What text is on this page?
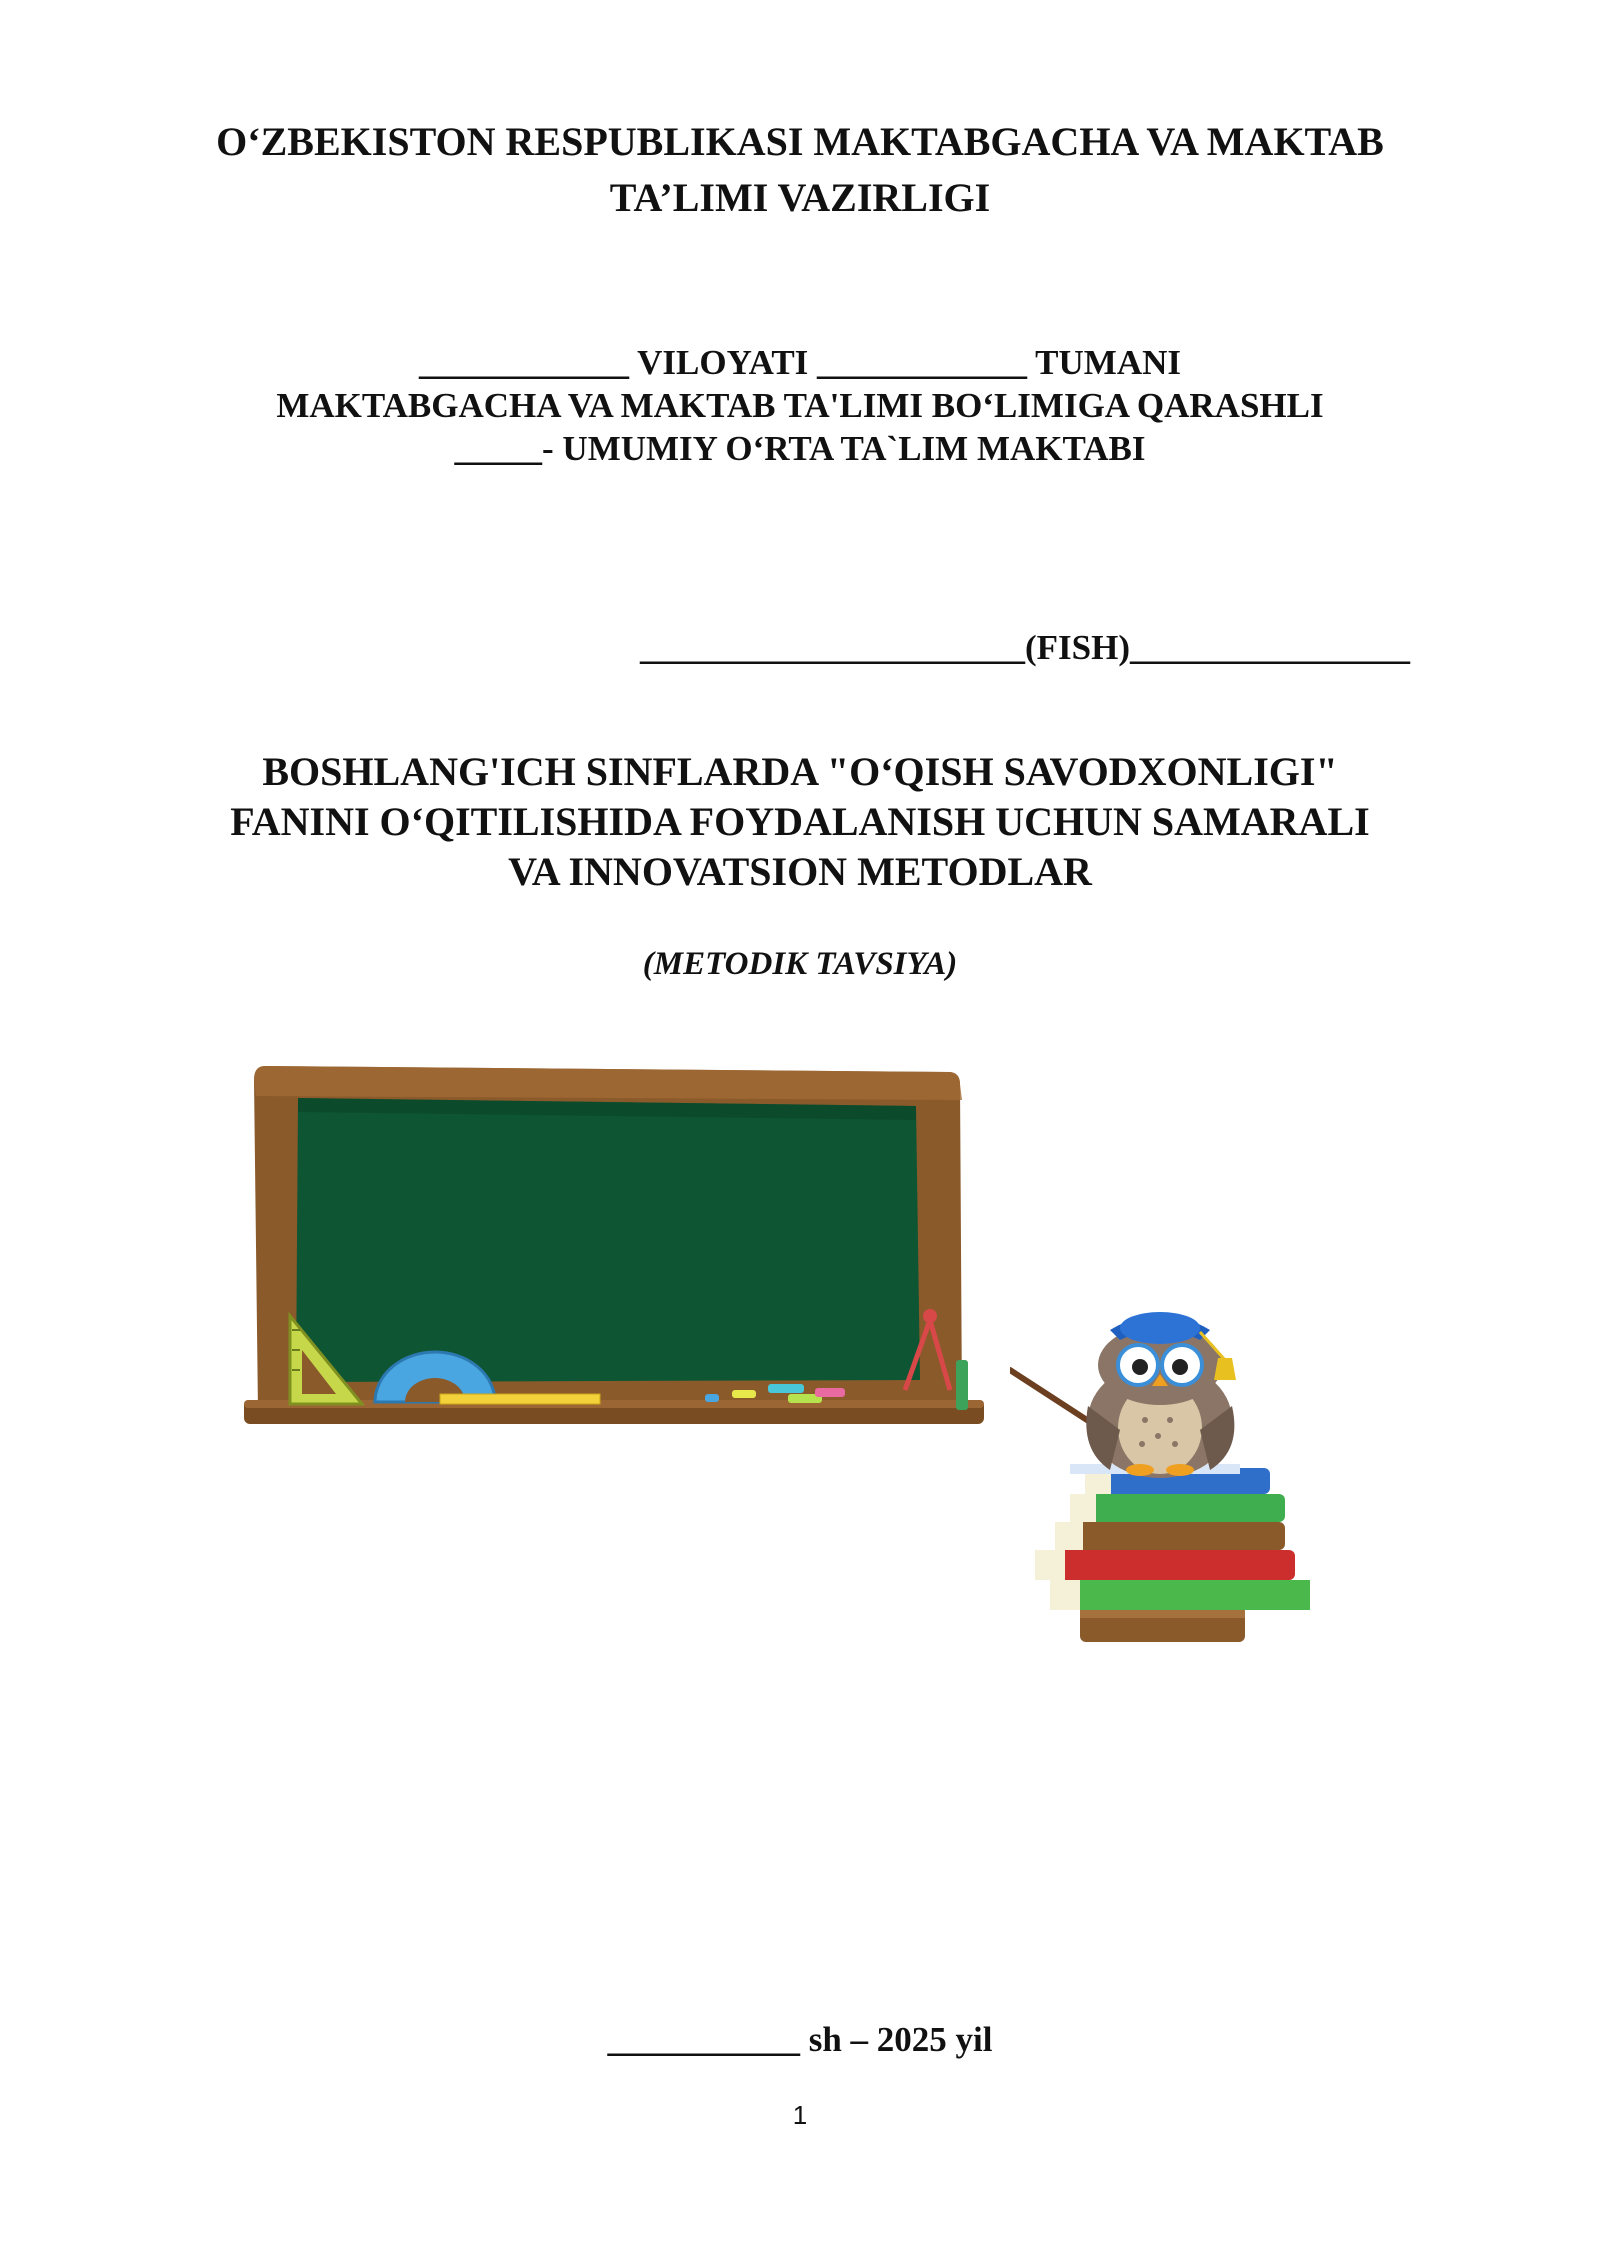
O‘ZBEKISTON RESPUBLIKASI MAKTABGACHA VA MAKTAB

TA’LIMI VAZIRLIGI

____________ VILOYATI ____________ TUMANI

MAKTABGACHA VA MAKTAB TA'LIMI BO‘LIMIGA QARASHLI

_____- UMUMIY O‘RTA TA`LIM MAKTABI

______________________(FISH)________________

BOSHLANG'ICH SINFLARDA "O‘QISH SAVODXONLIGI"

FANINI O‘QITILISHIDA FOYDALANISH UCHUN SAMARALI

VA INNOVATSION METODLAR

(METODIK TAVSIYA)

___________ sh – 2025 yil

1
